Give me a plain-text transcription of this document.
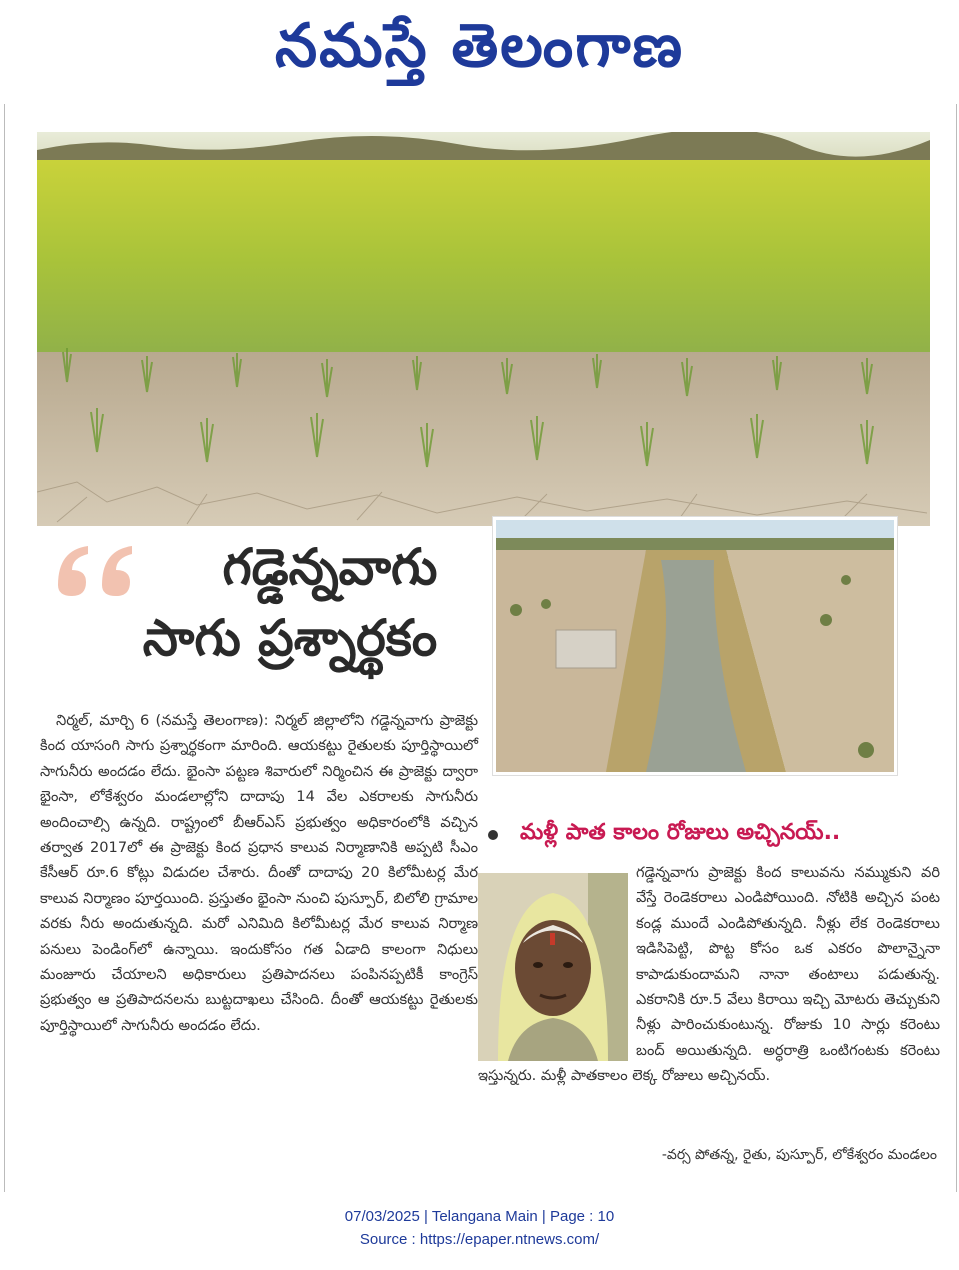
నమస్తే తెలంగాణ
గడ్డెన్నవాగు
సాగు ప్రశ్నార్థకం

నిర్మల్‌, మార్చి 6 (నమస్తే తెలంగాణ): నిర్మల్‌ జిల్లాలోని గడ్డెన్నవాగు ప్రాజెక్టు కింద యాసంగి సాగు ప్రశ్నార్థకంగా మారింది. ఆయకట్టు రైతులకు పూర్తిస్థాయిలో సాగునీరు అందడం లేదు. భైంసా పట్టణ శివారులో నిర్మించిన ఈ ప్రాజెక్టు ద్వారా భైంసా, లోకేశ్వరం మండలాల్లోని దాదాపు 14 వేల ఎకరాలకు సాగునీరు అందించాల్సి ఉన్నది. రాష్ట్రంలో బీఆర్‌ఎస్‌ ప్రభుత్వం అధికారంలోకి వచ్చిన తర్వాత 2017లో ఈ ప్రాజెక్టు కింద ప్రధాన కాలువ నిర్మాణానికి అప్పటి సీఎం కేసీఆర్‌ రూ.6 కోట్లు విడుదల చేశారు. దీంతో దాదాపు 20 కిలోమీటర్ల మేర కాలువ నిర్మాణం పూర్తయింది. ప్రస్తుతం భైంసా నుంచి పుస్పూర్‌, బిలోలి గ్రామాల వరకు నీరు అందుతున్నది. మరో ఎనిమిది కిలోమీటర్ల మేర కాలువ నిర్మాణ పనులు పెండింగ్‌లో ఉన్నాయి. ఇందుకోసం గత ఏడాది కాలంగా నిధులు మంజూరు చేయాలని అధికారులు ప్రతిపాదనలు పంపినప్పటికీ కాంగ్రెస్‌ ప్రభుత్వం ఆ ప్రతిపాదనలను బుట్టదాఖలు చేసింది. దీంతో ఆయకట్టు రైతులకు పూర్తిస్థాయిలో సాగునీరు అందడం లేదు.

మళ్లీ పాత కాలం రోజులు అచ్చినయ్‌..

గడ్డెన్నవాగు ప్రాజెక్టు కింద కాలువను నమ్ముకుని వరి వేస్తే రెండెకరాలు ఎండిపోయింది. నోటికి అచ్చిన పంట కండ్ల ముందే ఎండిపోతున్నది. నీళ్లు లేక రెండెకరాలు ఇడిసిపెట్టి, పొట్ట కోసం ఒక ఎకరం పొలాన్నైనా కాపాడుకుందామని నానా తంటాలు పడుతున్న. ఎకరానికి రూ.5 వేలు కిరాయి ఇచ్చి మోటరు తెచ్చుకుని నీళ్లు పారించుకుంటున్న. రోజుకు 10 సార్లు కరెంటు బంద్‌ అయితున్నది. అర్ధరాత్రి ఒంటిగంటకు కరెంటు ఇస్తున్నరు. మళ్లీ పాతకాలం లెక్క రోజులు అచ్చినయ్‌.

-వర్స పోతన్న, రైతు, పుస్పూర్‌, లోకేశ్వరం మండలం
07/03/2025 | Telangana Main | Page : 10
Source : https://epaper.ntnews.com/
